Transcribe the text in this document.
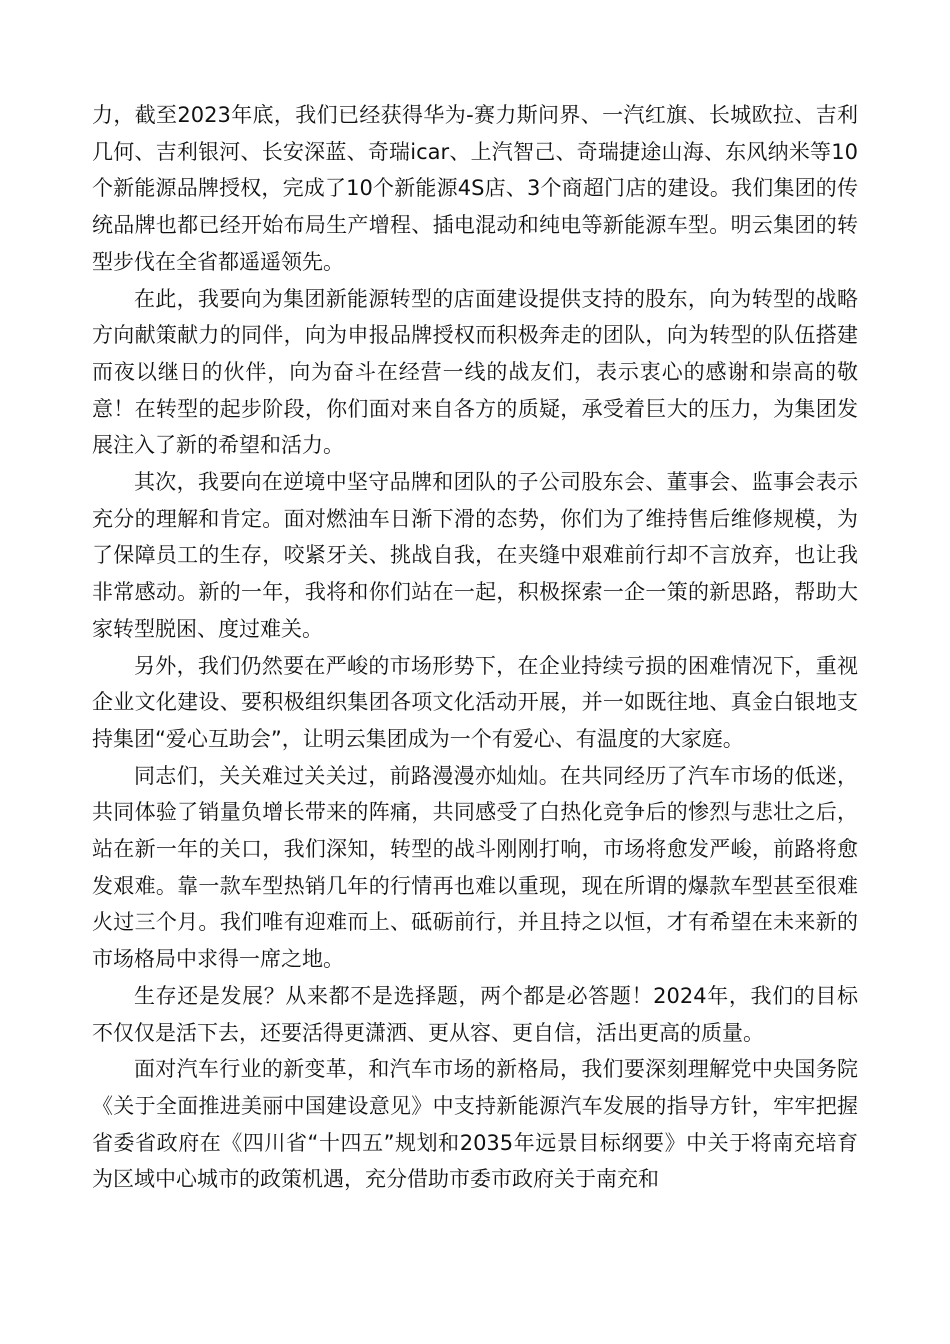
力，截至2023年底，我们已经获得华为-赛力斯问界、一汽红旗、长城欧拉、吉利几何、吉利银河、长安深蓝、奇瑞icar、上汽智己、奇瑞捷途山海、东风纳米等10个新能源品牌授权，完成了10个新能源4S店、3个商超门店的建设。我们集团的传统品牌也都已经开始布局生产增程、插电混动和纯电等新能源车型。明云集团的转型步伐在全省都遥遥领先。

在此，我要向为集团新能源转型的店面建设提供支持的股东，向为转型的战略方向献策献力的同伴，向为申报品牌授权而积极奔走的团队，向为转型的队伍搭建而夜以继日的伙伴，向为奋斗在经营一线的战友们，表示衷心的感谢和崇高的敬意！在转型的起步阶段，你们面对来自各方的质疑，承受着巨大的压力，为集团发展注入了新的希望和活力。

其次，我要向在逆境中坚守品牌和团队的子公司股东会、董事会、监事会表示充分的理解和肯定。面对燃油车日渐下滑的态势，你们为了维持售后维修规模，为了保障员工的生存，咬紧牙关、挑战自我，在夹缝中艰难前行却不言放弃，也让我非常感动。新的一年，我将和你们站在一起，积极探索一企一策的新思路，帮助大家转型脱困、度过难关。

另外，我们仍然要在严峻的市场形势下，在企业持续亏损的困难情况下，重视企业文化建设、要积极组织集团各项文化活动开展，并一如既往地、真金白银地支持集团“爱心互助会”，让明云集团成为一个有爱心、有温度的大家庭。

同志们，关关难过关关过，前路漫漫亦灿灿。在共同经历了汽车市场的低迷，共同体验了销量负增长带来的阵痛，共同感受了白热化竞争后的惨烈与悲壮之后，站在新一年的关口，我们深知，转型的战斗刚刚打响，市场将愈发严峻，前路将愈发艰难。靠一款车型热销几年的行情再也难以重现，现在所谓的爆款车型甚至很难火过三个月。我们唯有迎难而上、砥砺前行，并且持之以恒，才有希望在未来新的市场格局中求得一席之地。

生存还是发展？从来都不是选择题，两个都是必答题！2024年，我们的目标不仅仅是活下去，还要活得更潇洒、更从容、更自信，活出更高的质量。

面对汽车行业的新变革，和汽车市场的新格局，我们要深刻理解党中央国务院《关于全面推进美丽中国建设意见》中支持新能源汽车发展的指导方针，牢牢把握省委省政府在《四川省“十四五”规划和2035年远景目标纲要》中关于将南充培育为区域中心城市的政策机遇，充分借助市委市政府关于南充和
